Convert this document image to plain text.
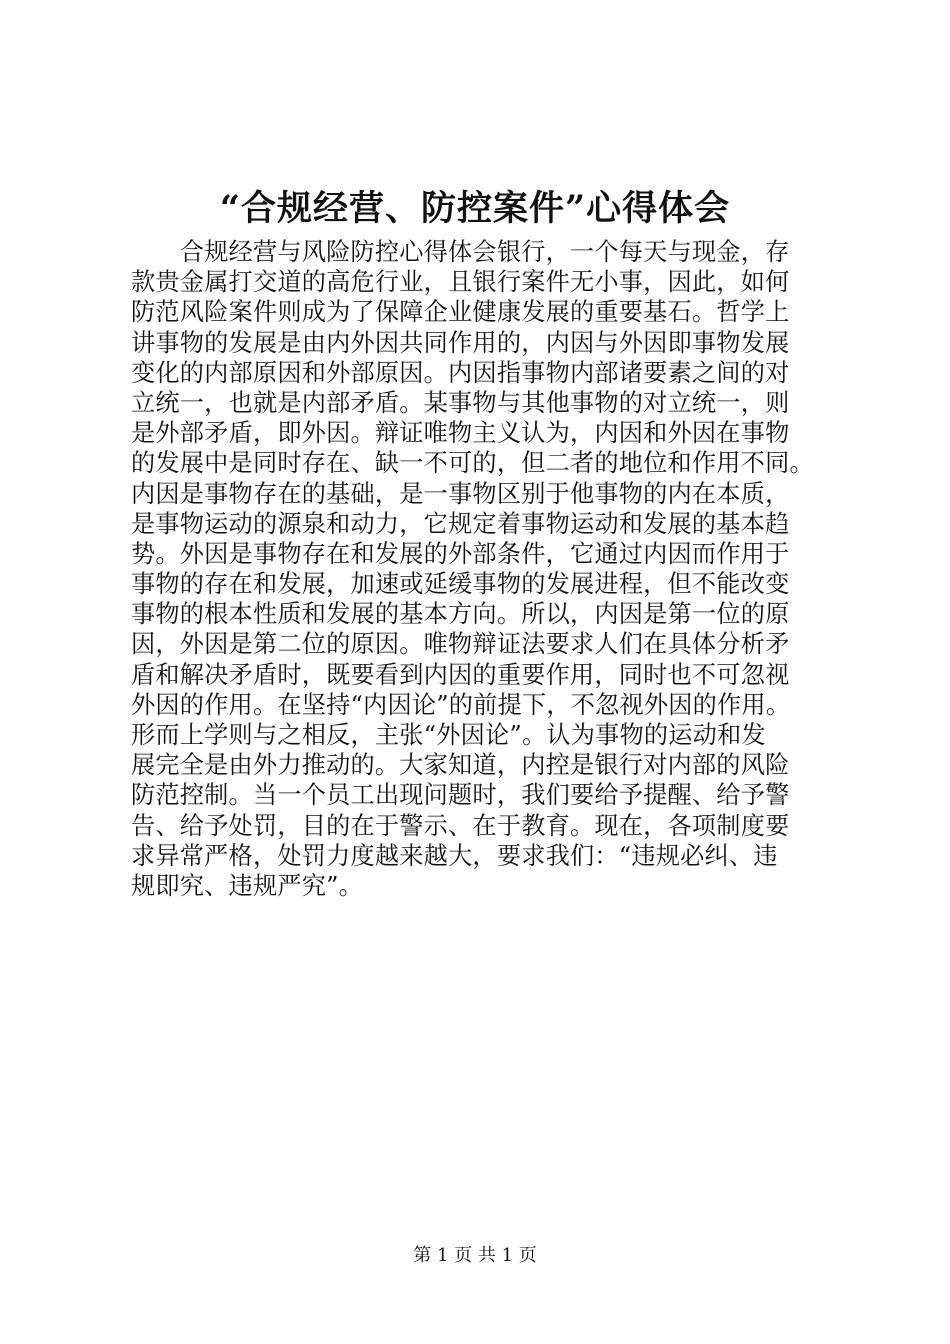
“合规经营、防控案件”心得体会
　　合规经营与风险防控心得体会银行，一个每天与现金，存
款贵金属打交道的高危行业，且银行案件无小事，因此，如何
防范风险案件则成为了保障企业健康发展的重要基石。哲学上
讲事物的发展是由内外因共同作用的，内因与外因即事物发展
变化的内部原因和外部原因。内因指事物内部诸要素之间的对
立统一，也就是内部矛盾。某事物与其他事物的对立统一，则
是外部矛盾，即外因。辩证唯物主义认为，内因和外因在事物
的发展中是同时存在、缺一不可的，但二者的地位和作用不同。
内因是事物存在的基础，是一事物区别于他事物的内在本质，
是事物运动的源泉和动力，它规定着事物运动和发展的基本趋
势。外因是事物存在和发展的外部条件，它通过内因而作用于
事物的存在和发展，加速或延缓事物的发展进程，但不能改变
事物的根本性质和发展的基本方向。所以，内因是第一位的原
因，外因是第二位的原因。唯物辩证法要求人们在具体分析矛
盾和解决矛盾时，既要看到内因的重要作用，同时也不可忽视
外因的作用。在坚持“内因论”的前提下，不忽视外因的作用。
形而上学则与之相反，主张“外因论”。认为事物的运动和发
展完全是由外力推动的。大家知道，内控是银行对内部的风险
防范控制。当一个员工出现问题时，我们要给予提醒、给予警
告、给予处罚，目的在于警示、在于教育。现在，各项制度要
求异常严格，处罚力度越来越大，要求我们：“违规必纠、违
规即究、违规严究”。
第 1 页 共 1 页
